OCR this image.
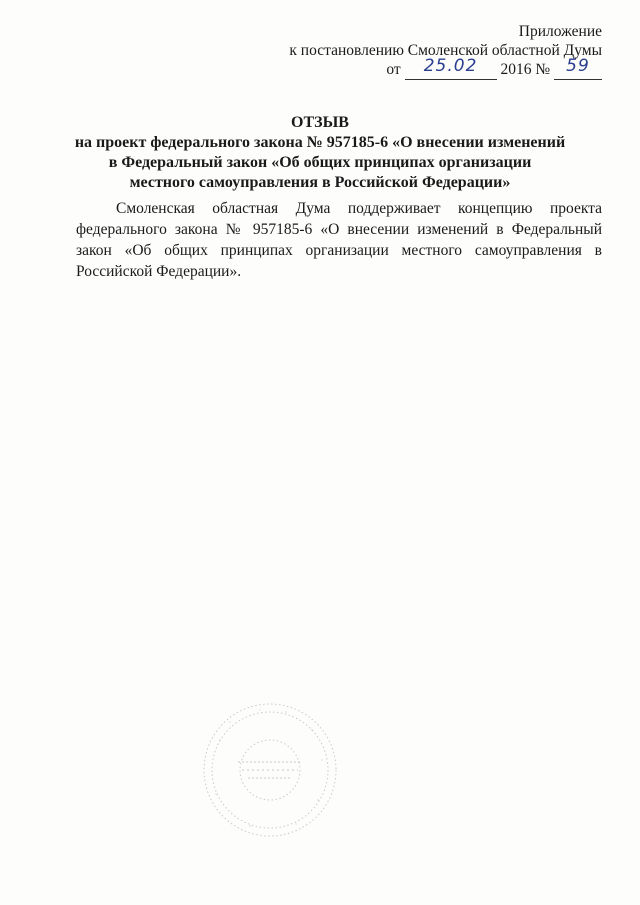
Приложение
к постановлению Смоленской областной Думы
от 25.02 2016 № 59
ОТЗЫВ
на проект федерального закона № 957185-6 «О внесении изменений
в Федеральный закон «Об общих принципах организации
местного самоуправления в Российской Федерации»

Смоленская областная Дума поддерживает концепцию проекта федерального закона № 957185-6 «О внесении изменений в Федеральный закон «Об общих принципах организации местного самоуправления в Российской Федерации».
